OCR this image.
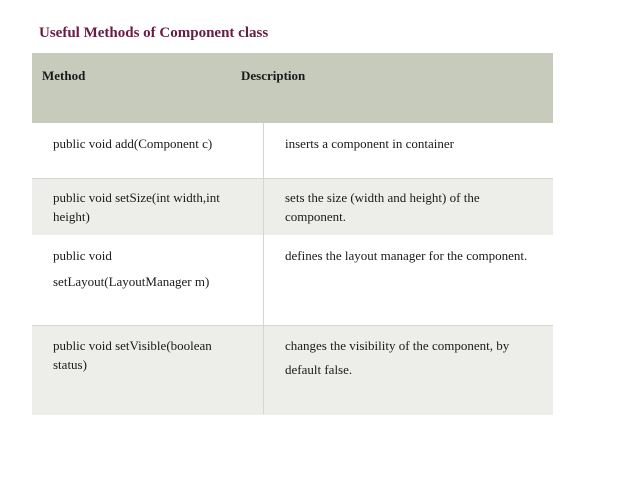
Useful Methods of Component class
Method	Description
public void add(Component c)	inserts a component in container
public void setSize(int width,int
height)
sets the size (width and height) of the
component.
public void
setLayout(LayoutManager m)
defines the layout manager for the component.
public void setVisible(boolean
status)
changes the visibility of the component, by
default false.
